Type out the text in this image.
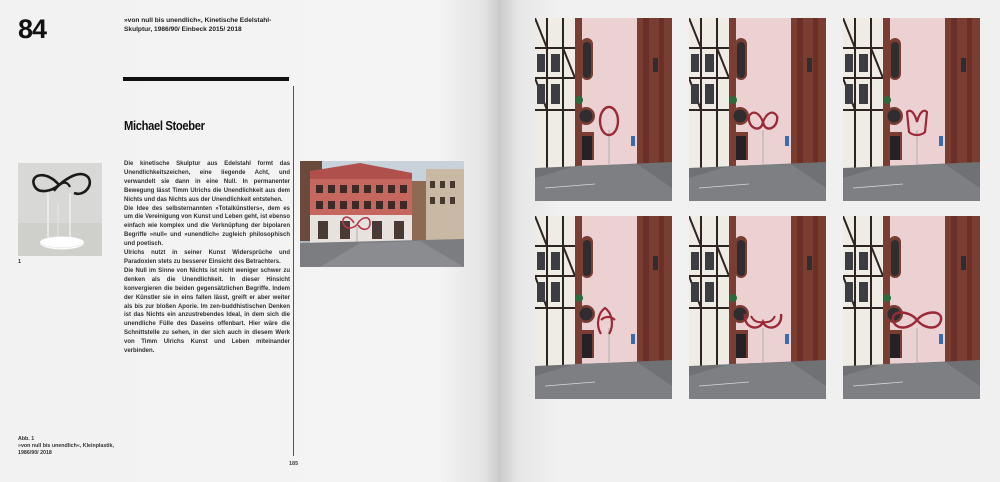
84	»von null bis unendlich«, Kinetische Edelstahl-Skulptur, 1986/90/ Einbeck 2015/ 2018
Michael Stoeber

Die kinetische Skulptur aus Edelstahl formt das Unendlichkeitszeichen, eine liegende Acht, und verwandelt sie dann in eine Null. In permanenter Bewegung lässt Timm Ulrichs die Unendlichkeit aus dem Nichts und das Nichts aus der Unendlichkeit entstehen.

Die Idee des selbsternannten »Totalkünstlers«, dem es um die Vereinigung von Kunst und Leben geht, ist ebenso einfach wie komplex und die Verknüpfung der bipolaren Begriffe »null« und »unendlich« zugleich philosophisch und poetisch.

Ulrichs nutzt in seiner Kunst Widersprüche und Paradoxien stets zu besserer Einsicht des Betrachters.

Die Null im Sinne von Nichts ist nicht weniger schwer zu denken als die Unendlichkeit. In dieser Hinsicht konvergieren die beiden gegensätzlichen Begriffe. Indem der Künstler sie in eins fallen lässt, greift er aber weiter als bis zur bloßen Aporie. Im zen-buddhistischen Denken ist das Nichts ein anzustrebendes Ideal, in dem sich die unendliche Fülle des Daseins offenbart. Hier wäre die Schnittstelle zu sehen, in der sich auch in diesem Werk von Timm Ulrichs Kunst und Leben miteinander verbinden.

1
Abb. 1
»von null bis unendlich«, Kleinplastik,
1986/90/ 2018
185
